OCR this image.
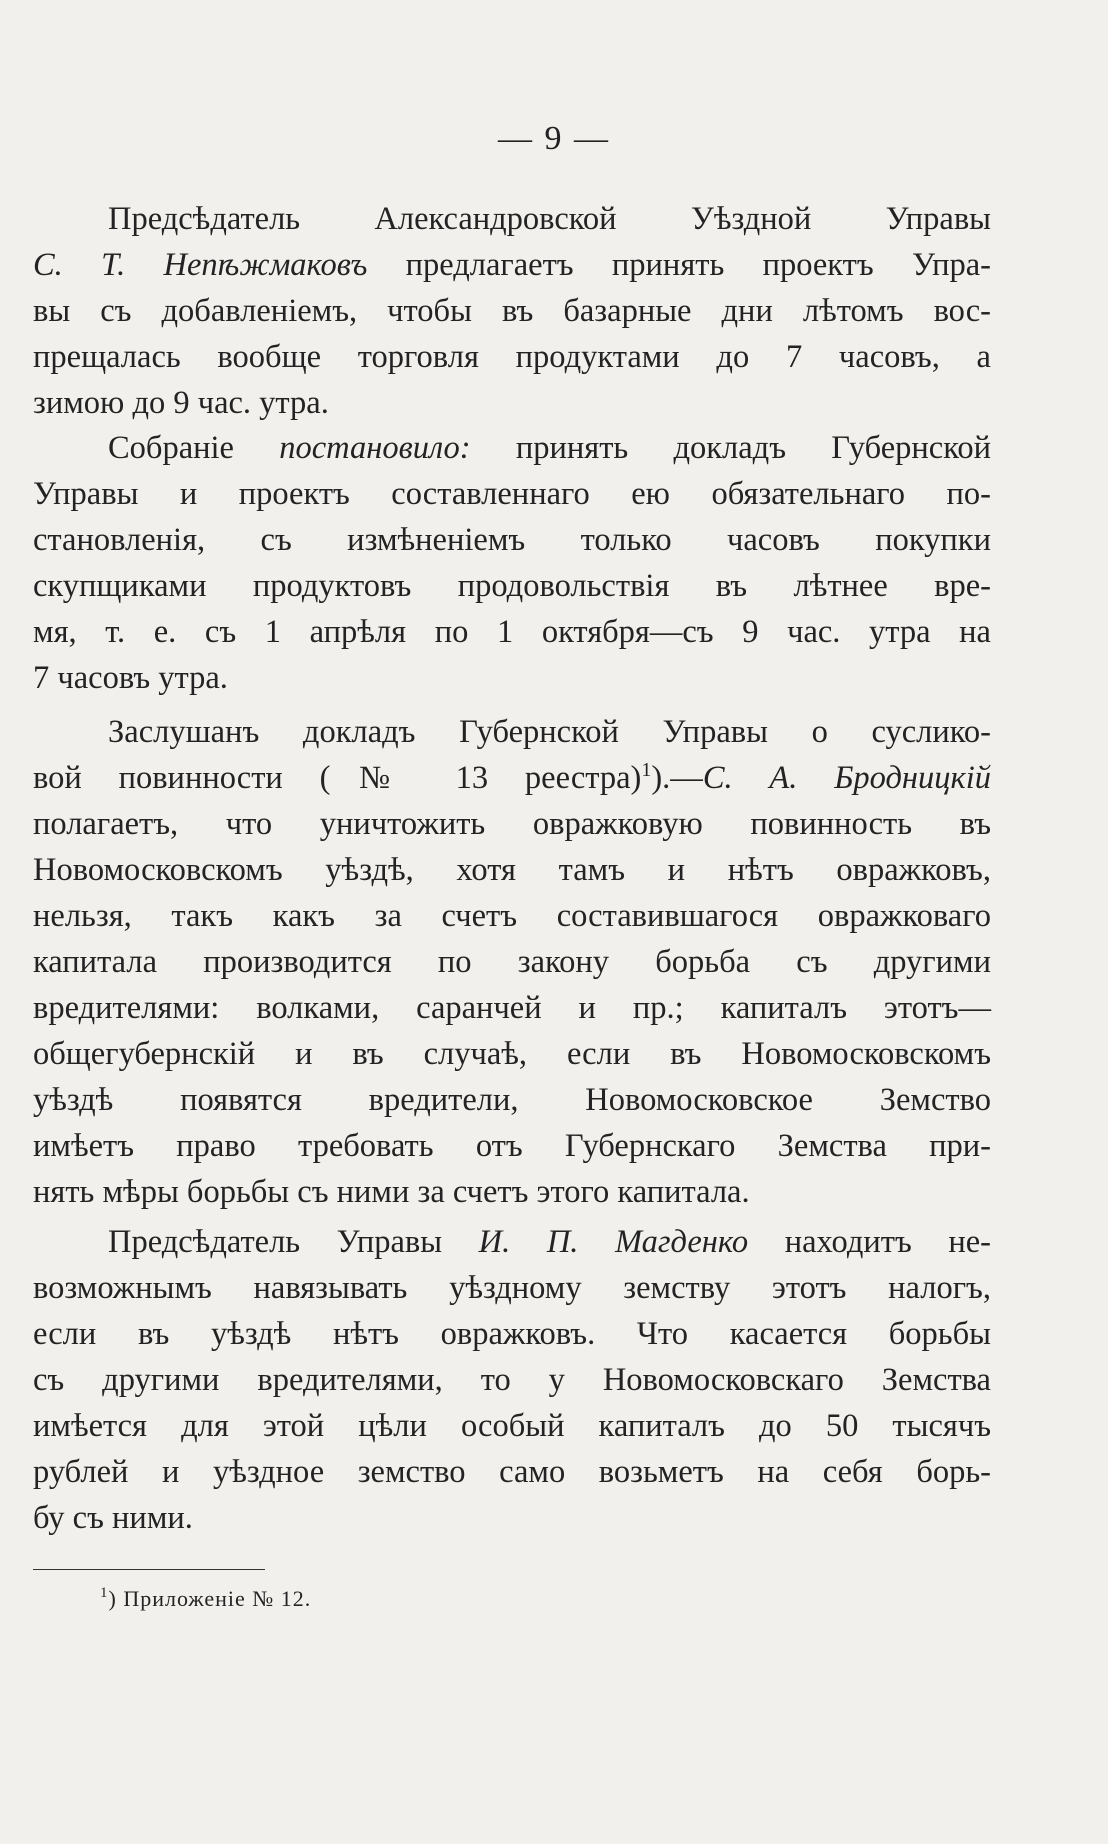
— 9 —
Предсѣдатель Александровской Уѣздной Управы
С. Т. Непѣжмаковъ предлагаетъ принять проектъ Упра-
вы съ добавленіемъ, чтобы въ базарные дни лѣтомъ вос-
прещалась вообще торговля продуктами до 7 часовъ, а
зимою до 9 час. утра.
Собраніе постановило: принять докладъ Губернской
Управы и проектъ составленнаго ею обязательнаго по-
становленія, съ измѣненіемъ только часовъ покупки
скупщиками продуктовъ продовольствія въ лѣтнее вре-
мя, т. е. съ 1 апрѣля по 1 октября—съ 9 час. утра на
7 часовъ утра.
Заслушанъ докладъ Губернской Управы о суслико-
вой повинности (№ 13 реестра)$^1$).—С. А. Бродницкій
полагаетъ, что уничтожить овражковую повинность въ
Новомосковскомъ уѣздѣ, хотя тамъ и нѣтъ овражковъ,
нельзя, такъ какъ за счетъ составившагося овражковаго
капитала производится по закону борьба съ другими
вредителями: волками, саранчей и пр.; капиталъ этотъ—
общегубернскій и въ случаѣ, если въ Новомосковскомъ
уѣздѣ появятся вредители, Новомосковское Земство
имѣетъ право требовать отъ Губернскаго Земства при-
нять мѣры борьбы съ ними за счетъ этого капитала.
Предсѣдатель Управы И. П. Магденко находитъ не-
возможнымъ навязывать уѣздному земству этотъ налогъ,
если въ уѣздѣ нѣтъ овражковъ. Что касается борьбы
съ другими вредителями, то у Новомосковскаго Земства
имѣется для этой цѣли особый капиталъ до 50 тысячъ
рублей и уѣздное земство само возьметъ на себя борь-
бу съ ними.
$^1$) Приложеніе № 12.
